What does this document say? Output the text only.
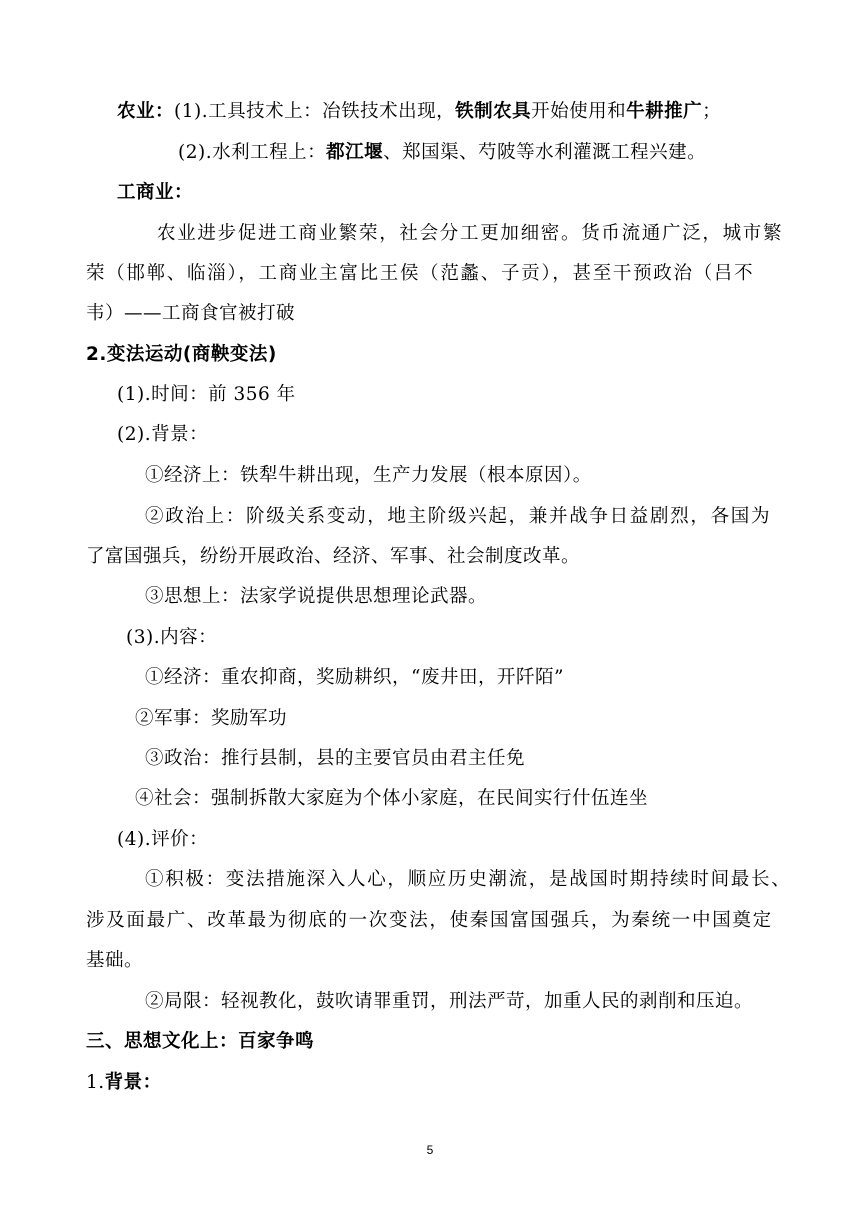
农业：(1).工具技术上：冶铁技术出现，铁制农具开始使用和牛耕推广；
(2).水利工程上：都江堰、郑国渠、芍陂等水利灌溉工程兴建。
工商业：
农业进步促进工商业繁荣，社会分工更加细密。货币流通广泛，城市繁
荣（邯郸、临淄），工商业主富比王侯（范蠡、子贡），甚至干预政治（吕不
韦）——工商食官被打破
2.变法运动(商鞅变法)
(1).时间：前 356 年
(2).背景：
①经济上：铁犁牛耕出现，生产力发展（根本原因）。
②政治上：阶级关系变动，地主阶级兴起，兼并战争日益剧烈，各国为
了富国强兵，纷纷开展政治、经济、军事、社会制度改革。
③思想上：法家学说提供思想理论武器。
(3).内容：
①经济：重农抑商，奖励耕织，“废井田，开阡陌”
②军事：奖励军功
③政治：推行县制，县的主要官员由君主任免
④社会：强制拆散大家庭为个体小家庭，在民间实行什伍连坐
(4).评价：
①积极：变法措施深入人心，顺应历史潮流，是战国时期持续时间最长、
涉及面最广、改革最为彻底的一次变法，使秦国富国强兵，为秦统一中国奠定
基础。
②局限：轻视教化，鼓吹请罪重罚，刑法严苛，加重人民的剥削和压迫。
三、思想文化上：百家争鸣
1.背景：
5
